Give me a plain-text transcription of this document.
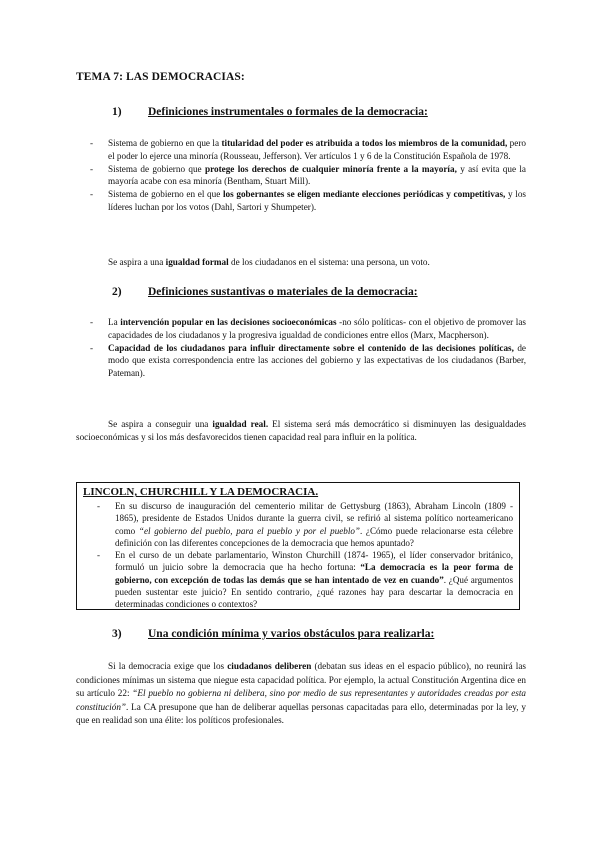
TEMA 7: LAS DEMOCRACIAS:
1) Definiciones instrumentales o formales de la democracia:
- Sistema de gobierno en que la titularidad del poder es atribuida a todos los miembros de la comunidad, pero el poder lo ejerce una minoría (Rousseau, Jefferson). Ver artículos 1 y 6 de la Constitución Española de 1978.
- Sistema de gobierno que protege los derechos de cualquier minoría frente a la mayoría, y así evita que la mayoría acabe con esa minoría (Bentham, Stuart Mill).
- Sistema de gobierno en el que los gobernantes se eligen mediante elecciones periódicas y competitivas, y los líderes luchan por los votos (Dahl, Sartori y Shumpeter).

Se aspira a una igualdad formal de los ciudadanos en el sistema: una persona, un voto.

2) Definiciones sustantivas o materiales de la democracia:
- La intervención popular en las decisiones socioeconómicas -no sólo políticas- con el objetivo de promover las capacidades de los ciudadanos y la progresiva igualdad de condiciones entre ellos (Marx, Macpherson).
- Capacidad de los ciudadanos para influir directamente sobre el contenido de las decisiones políticas, de modo que exista correspondencia entre las acciones del gobierno y las expectativas de los ciudadanos (Barber, Pateman).

Se aspira a conseguir una igualdad real. El sistema será más democrático si disminuyen las desigualdades socioeconómicas y si los más desfavorecidos tienen capacidad real para influir en la política.

LINCOLN, CHURCHILL Y LA DEMOCRACIA.
- En su discurso de inauguración del cementerio militar de Gettysburg (1863), Abraham Lincoln (1809 - 1865), presidente de Estados Unidos durante la guerra civil, se refirió al sistema político norteamericano como “el gobierno del pueblo, para el pueblo y por el pueblo”. ¿Cómo puede relacionarse esta célebre definición con las diferentes concepciones de la democracia que hemos apuntado?
- En el curso de un debate parlamentario, Winston Churchill (1874- 1965), el líder conservador británico, formuló un juicio sobre la democracia que ha hecho fortuna: “La democracia es la peor forma de gobierno, con excepción de todas las demás que se han intentado de vez en cuando”. ¿Qué argumentos pueden sustentar este juicio? En sentido contrario, ¿qué razones hay para descartar la democracia en determinadas condiciones o contextos?
3) Una condición mínima y varios obstáculos para realizarla:

Si la democracia exige que los ciudadanos deliberen (debatan sus ideas en el espacio público), no reunirá las condiciones mínimas un sistema que niegue esta capacidad política. Por ejemplo, la actual Constitución Argentina dice en su artículo 22: “El pueblo no gobierna ni delibera, sino por medio de sus representantes y autoridades creadas por esta constitución”. La CA presupone que han de deliberar aquellas personas capacitadas para ello, determinadas por la ley, y que en realidad son una élite: los políticos profesionales.
